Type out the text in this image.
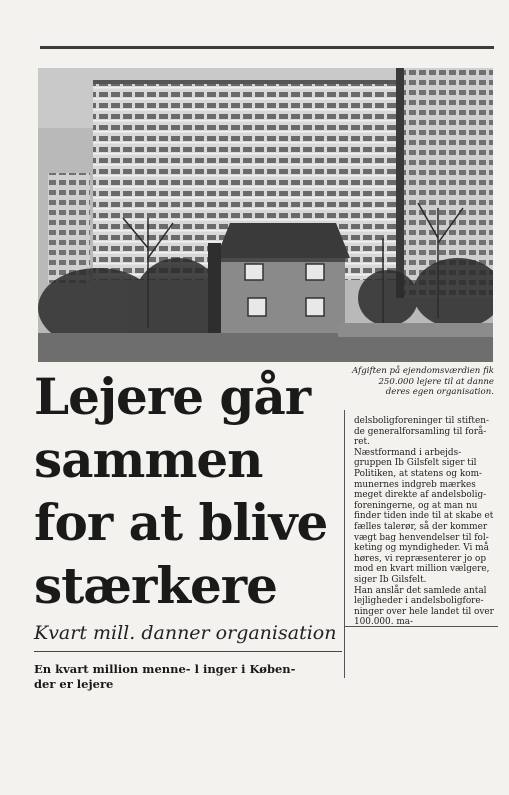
Afgiften på ejendomsværdien fik 250.000 lejere til at danne deres egen organisation.
Lejere går
sammen
for at blive
stærkere
Kvart mill. danner organisation
En kvart million menne- l inger i Køben-
der er lejere
delsboligforeninger til stiften-
de generalforsamling til forå-
ret.
Næstformand i arbejds-
gruppen Ib Gilsfelt siger til
Politiken, at statens og kom-
munernes indgreb mærkes
meget direkte af andelsbolig-
foreningerne, og at man nu
finder tiden inde til at skabe et
fælles talerør, så der kommer
vægt bag henvendelser til fol-
keting og myndigheder. Vi må
høres, vi repræsenterer jo op
mod en kvart million vælgere,
siger Ib Gilsfelt.
Han anslår det samlede antal
lejligheder i andelsboligfore-
ninger over hele landet til over
100.000. ma-
